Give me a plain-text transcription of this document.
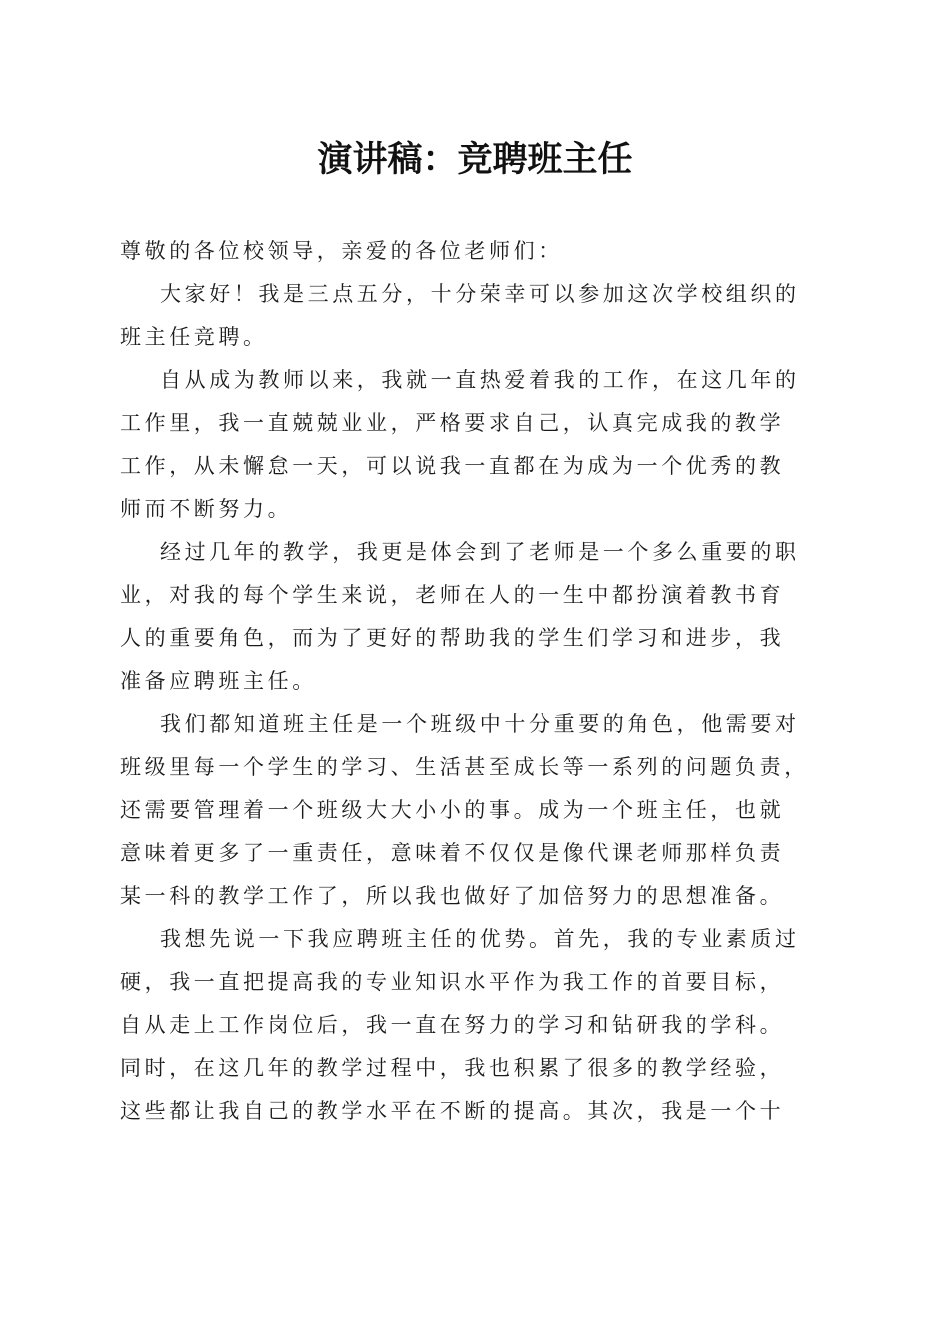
演讲稿：竞聘班主任
尊敬的各位校领导，亲爱的各位老师们：
大家好！我是三点五分，十分荣幸可以参加这次学校组织的
班主任竞聘。
自从成为教师以来，我就一直热爱着我的工作，在这几年的
工作里，我一直兢兢业业，严格要求自己，认真完成我的教学
工作，从未懈怠一天，可以说我一直都在为成为一个优秀的教
师而不断努力。
经过几年的教学，我更是体会到了老师是一个多么重要的职
业，对我的每个学生来说，老师在人的一生中都扮演着教书育
人的重要角色，而为了更好的帮助我的学生们学习和进步，我
准备应聘班主任。
我们都知道班主任是一个班级中十分重要的角色，他需要对
班级里每一个学生的学习、生活甚至成长等一系列的问题负责，
还需要管理着一个班级大大小小的事。成为一个班主任，也就
意味着更多了一重责任，意味着不仅仅是像代课老师那样负责
某一科的教学工作了，所以我也做好了加倍努力的思想准备。
我想先说一下我应聘班主任的优势。首先，我的专业素质过
硬，我一直把提高我的专业知识水平作为我工作的首要目标，
自从走上工作岗位后，我一直在努力的学习和钻研我的学科。
同时，在这几年的教学过程中，我也积累了很多的教学经验，
这些都让我自己的教学水平在不断的提高。其次，我是一个十
